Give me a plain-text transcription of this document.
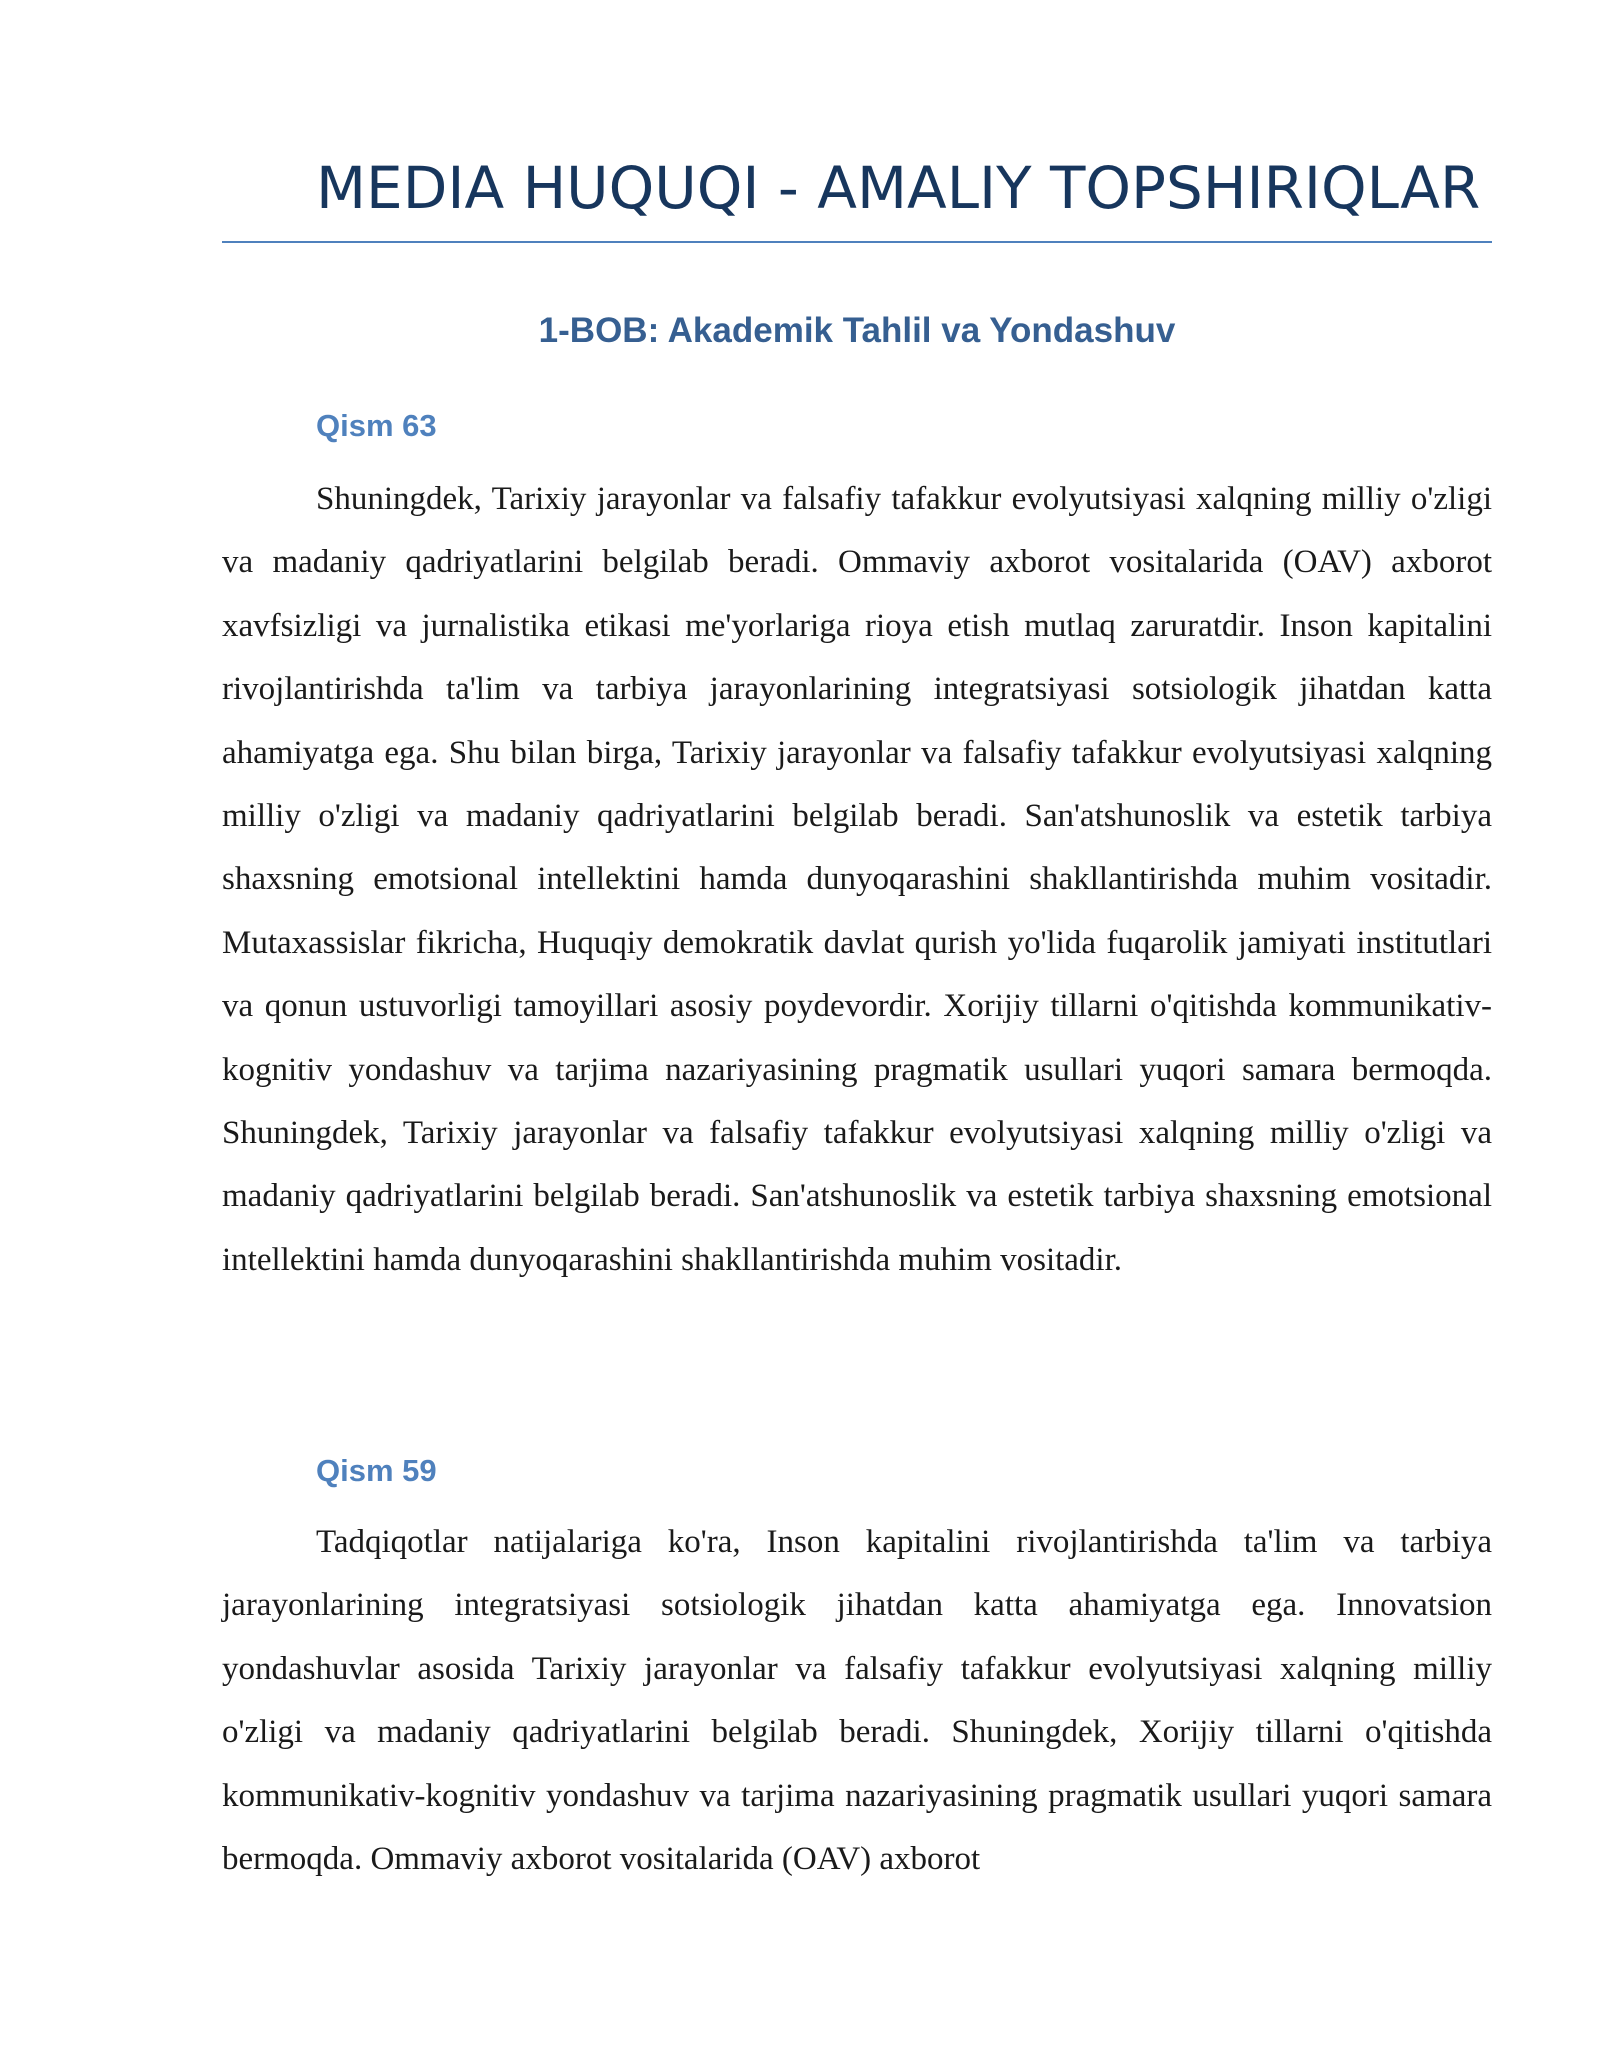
MEDIA HUQUQI - AMALIY TOPSHIRIQLAR
1-BOB: Akademik Tahlil va Yondashuv
Qism 63

Shuningdek, Tarixiy jarayonlar va falsafiy tafakkur evolyutsiyasi xalqning milliy o'zligi va madaniy qadriyatlarini belgilab beradi. Ommaviy axborot vositalarida (OAV) axborot xavfsizligi va jurnalistika etikasi me'yorlariga rioya etish mutlaq zaruratdir. Inson kapitalini rivojlantirishda ta'lim va tarbiya jarayonlarining integratsiyasi sotsiologik jihatdan katta ahamiyatga ega. Shu bilan birga, Tarixiy jarayonlar va falsafiy tafakkur evolyutsiyasi xalqning milliy o'zligi va madaniy qadriyatlarini belgilab beradi. San'atshunoslik va estetik tarbiya shaxsning emotsional intellektini hamda dunyoqarashini shakllantirishda muhim vositadir. Mutaxassislar fikricha, Huquqiy demokratik davlat qurish yo'lida fuqarolik jamiyati institutlari va qonun ustuvorligi tamoyillari asosiy poydevordir. Xorijiy tillarni o'qitishda kommunikativ-kognitiv yondashuv va tarjima nazariyasining pragmatik usullari yuqori samara bermoqda. Shuningdek, Tarixiy jarayonlar va falsafiy tafakkur evolyutsiyasi xalqning milliy o'zligi va madaniy qadriyatlarini belgilab beradi. San'atshunoslik va estetik tarbiya shaxsning emotsional intellektini hamda dunyoqarashini shakllantirishda muhim vositadir.

Qism 59

Tadqiqotlar natijalariga ko'ra, Inson kapitalini rivojlantirishda ta'lim va tarbiya jarayonlarining integratsiyasi sotsiologik jihatdan katta ahamiyatga ega. Innovatsion yondashuvlar asosida Tarixiy jarayonlar va falsafiy tafakkur evolyutsiyasi xalqning milliy o'zligi va madaniy qadriyatlarini belgilab beradi. Shuningdek, Xorijiy tillarni o'qitishda kommunikativ-kognitiv yondashuv va tarjima nazariyasining pragmatik usullari yuqori samara bermoqda. Ommaviy axborot vositalarida (OAV) axborot
